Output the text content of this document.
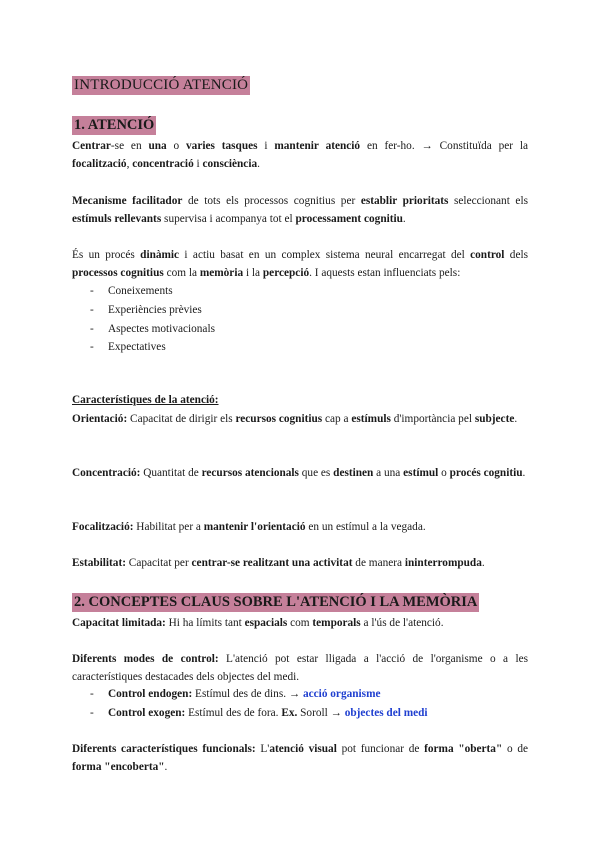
INTRODUCCIÓ ATENCIÓ
1. ATENCIÓ
Centrar-se en una o varies tasques i mantenir atenció en fer-ho. → Constituïda per la focalització, concentració i consciència.
Mecanisme facilitador de tots els processos cognitius per establir prioritats seleccionant els estímuls rellevants supervisa i acompanya tot el processament cognitiu.
És un procés dinàmic i actiu basat en un complex sistema neural encarregat del control dels processos cognitius com la memòria i la percepció. I aquests estan influenciats pels:
- Coneixements
- Experiències prèvies
- Aspectes motivacionals
- Expectatives
Característiques de la atenció:
Orientació: Capacitat de dirigir els recursos cognitius cap a estímuls d'importància pel subjecte.
Concentració: Quantitat de recursos atencionals que es destinen a una estímul o procés cognitiu.
Focalització: Habilitat per a mantenir l'orientació en un estímul a la vegada.
Estabilitat: Capacitat per centrar-se realitzant una activitat de manera ininterrompuda.
2. CONCEPTES CLAUS SOBRE L'ATENCIÓ I LA MEMÒRIA
Capacitat limitada: Hi ha límits tant espacials com temporals a l'ús de l'atenció.
Diferents modes de control: L'atenció pot estar lligada a l'acció de l'organisme o a les característiques destacades dels objectes del medi.
- Control endogen: Estímul des de dins. → acció organisme
- Control exogen: Estímul des de fora. Ex. Soroll → objectes del medi
Diferents característiques funcionals: L'atenció visual pot funcionar de forma "oberta" o de forma "encoberta".
